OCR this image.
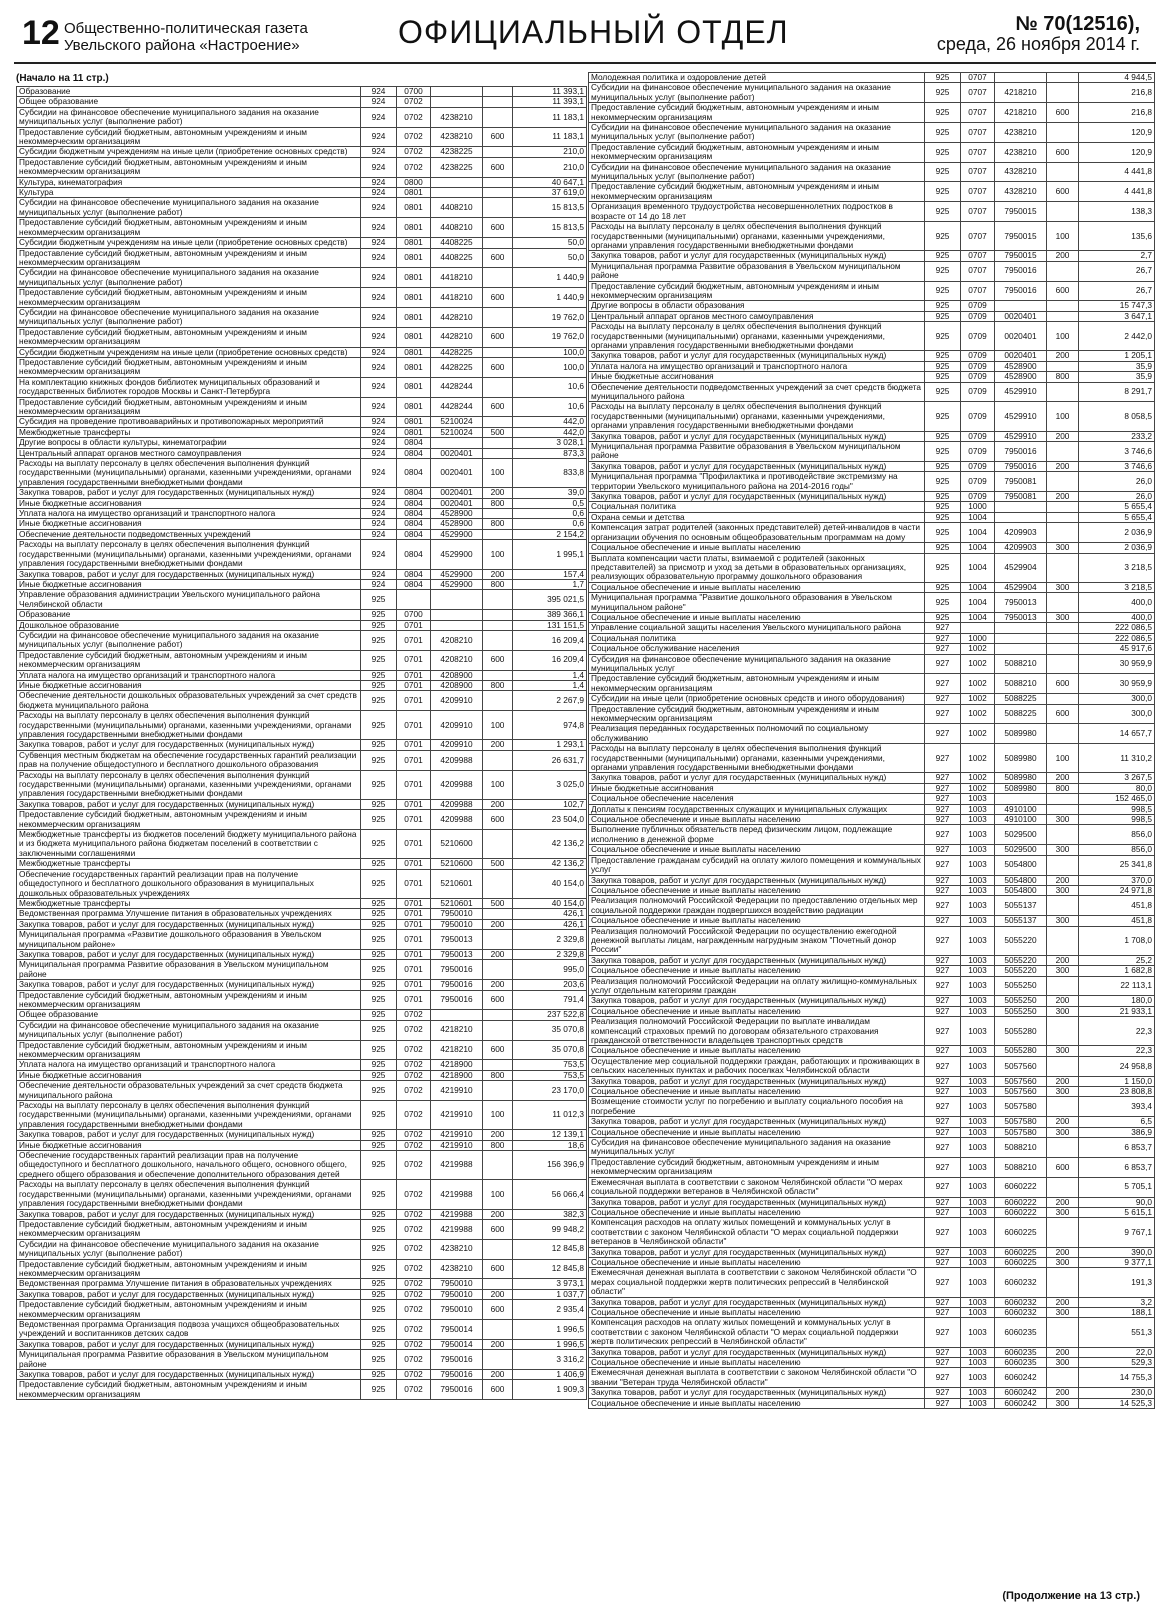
12 Общественно-политическая газета
Увельского района «Настроение»	ОФИЦИАЛЬНЫЙ ОТДЕЛ	№ 70(12516),
среда, 26 ноября 2014 г.
(Начало на 11 стр.)
Образование	924	0700			11 393,1
Общее образование	924	0702			11 393,1
Субсидии на финансовое обеспечение муниципального задания на оказание муниципальных услуг (выполнение работ)	924	0702	4238210		11 183,1
Предоставление субсидий бюджетным, автономным учреждениям и иным некоммерческим организациям	924	0702	4238210	600	11 183,1
Субсидии бюджетным учреждениям на иные цели (приобретение основных средств)	924	0702	4238225		210,0
Предоставление субсидий бюджетным, автономным учреждениям и иным некоммерческим организациям	924	0702	4238225	600	210,0
Культура, кинематография	924	0800			40 647,1
Культура	924	0801			37 619,0
Субсидии на финансовое обеспечение муниципального задания на оказание муниципальных услуг (выполнение работ)	924	0801	4408210		15 813,5
Предоставление субсидий бюджетным, автономным учреждениям и иным некоммерческим организациям	924	0801	4408210	600	15 813,5
Субсидии бюджетным учреждениям на иные цели (приобретение основных средств)	924	0801	4408225		50,0
Предоставление субсидий бюджетным, автономным учреждениям и иным некоммерческим организациям	924	0801	4408225	600	50,0
Субсидии на финансовое обеспечение муниципального задания на оказание муниципальных услуг (выполнение работ)	924	0801	4418210		1 440,9
Предоставление субсидий бюджетным, автономным учреждениям и иным некоммерческим организациям	924	0801	4418210	600	1 440,9
Субсидии на финансовое обеспечение муниципального задания на оказание муниципальных услуг (выполнение работ)	924	0801	4428210		19 762,0
Предоставление субсидий бюджетным, автономным учреждениям и иным некоммерческим организациям	924	0801	4428210	600	19 762,0
Субсидии бюджетным учреждениям на иные цели (приобретение основных средств)	924	0801	4428225		100,0
Предоставление субсидий бюджетным, автономным учреждениям и иным некоммерческим организациям	924	0801	4428225	600	100,0
На комплектацию книжных фондов библиотек муниципальных образований и государственных библиотек городов Москвы и Санкт-Петербурга	924	0801	4428244		10,6
Предоставление субсидий бюджетным, автономным учреждениям и иным некоммерческим организациям	924	0801	4428244	600	10,6
Субсидия на проведение противоаварийных и противопожарных мероприятий	924	0801	5210024		442,0
Межбюджетные трансферты	924	0801	5210024	500	442,0
Другие вопросы в области культуры, кинематографии	924	0804			3 028,1
Центральный аппарат органов местного самоуправления	924	0804	0020401		873,3
Расходы на выплату персоналу в целях обеспечения выполнения функций государственными (муниципальными) органами, казенными учреждениями, органами управления государственными внебюджетными фондами	924	0804	0020401	100	833,8
Закупка товаров, работ и услуг для государственных (муниципальных нужд)	924	0804	0020401	200	39,0
Иные бюджетные ассигнования	924	0804	0020401	800	0,5
Уплата налога на имущество организаций и транспортного налога	924	0804	4528900		0,6
Иные бюджетные ассигнования	924	0804	4528900	800	0,6
Обеспечение деятельности подведомственных учреждений	924	0804	4529900		2 154,2
Расходы на выплату персоналу в целях обеспечения выполнения функций государственными (муниципальными) органами, казенными учреждениями, органами управления государственными внебюджетными фондами	924	0804	4529900	100	1 995,1
Закупка товаров, работ и услуг для государственных (муниципальных нужд)	924	0804	4529900	200	157,4
Иные бюджетные ассигнования	924	0804	4529900	800	1,7
Управление образования администрации Увельского муниципального района Челябинской области	925				395 021,5
Образование	925	0700			389 366,1
Дошкольное образование	925	0701			131 151,5
Субсидии на финансовое обеспечение муниципального задания на оказание муниципальных услуг (выполнение работ)	925	0701	4208210		16 209,4
Предоставление субсидий бюджетным, автономным учреждениям и иным некоммерческим организациям	925	0701	4208210	600	16 209,4
Уплата налога на имущество организаций и транспортного налога	925	0701	4208900		1,4
Иные бюджетные ассигнования	925	0701	4208900	800	1,4
Обеспечение деятельности дошкольных образовательных учреждений за счет средств бюджета муниципального района	925	0701	4209910		2 267,9
Расходы на выплату персоналу в целях обеспечения выполнения функций государственными (муниципальными) органами, казенными учреждениями, органами управления государственными внебюджетными фондами	925	0701	4209910	100	974,8
Закупка товаров, работ и услуг для государственных (муниципальных нужд)	925	0701	4209910	200	1 293,1
Субвенция местным бюджетам на обеспечение государственных гарантий реализации прав на получение общедоступного и бесплатного дошкольного образования	925	0701	4209988		26 631,7
Расходы на выплату персоналу в целях обеспечения выполнения функций государственными (муниципальными) органами, казенными учреждениями, органами управления государственными внебюджетными фондами	925	0701	4209988	100	3 025,0
Закупка товаров, работ и услуг для государственных (муниципальных нужд)	925	0701	4209988	200	102,7
Предоставление субсидий бюджетным, автономным учреждениям и иным некоммерческим организациям	925	0701	4209988	600	23 504,0
Межбюджетные трансферты из бюджетов поселений бюджету муниципального района и из бюджета муниципального района бюджетам поселений в соответствии с заключенными соглашениями	925	0701	5210600		42 136,2
Межбюджетные трансферты	925	0701	5210600	500	42 136,2
Обеспечение государственных гарантий реализации прав на получение общедоступного и бесплатного дошкольного образования в муниципальных дошкольных образовательных учреждениях	925	0701	5210601		40 154,0
Межбюджетные трансферты	925	0701	5210601	500	40 154,0
Ведомственная программа Улучшение питания в образовательных учреждениях	925	0701	7950010		426,1
Закупка товаров, работ и услуг для государственных (муниципальных нужд)	925	0701	7950010	200	426,1
Муниципальная программа «Развитие дошкольного образования в Увельском муниципальном районе»	925	0701	7950013		2 329,8
Закупка товаров, работ и услуг для государственных (муниципальных нужд)	925	0701	7950013	200	2 329,8
Муниципальная программа Развитие образования в Увельском муниципальном районе	925	0701	7950016		995,0
Закупка товаров, работ и услуг для государственных (муниципальных нужд)	925	0701	7950016	200	203,6
Предоставление субсидий бюджетным, автономным учреждениям и иным некоммерческим организациям	925	0701	7950016	600	791,4
Общее образование	925	0702			237 522,8
Субсидии на финансовое обеспечение муниципального задания на оказание муниципальных услуг (выполнение работ)	925	0702	4218210		35 070,8
Предоставление субсидий бюджетным, автономным учреждениям и иным некоммерческим организациям	925	0702	4218210	600	35 070,8
Уплата налога на имущество организаций и транспортного налога	925	0702	4218900		753,5
Иные бюджетные ассигнования	925	0702	4218900	800	753,5
Обеспечение деятельности образовательных учреждений за счет средств бюджета муниципального района	925	0702	4219910		23 170,0
Расходы на выплату персоналу в целях обеспечения выполнения функций государственными (муниципальными) органами, казенными учреждениями, органами управления государственными внебюджетными фондами	925	0702	4219910	100	11 012,3
Закупка товаров, работ и услуг для государственных (муниципальных нужд)	925	0702	4219910	200	12 139,1
Иные бюджетные ассигнования	925	0702	4219910	800	18,6
Обеспечение государственных гарантий реализации прав на получение общедоступного и бесплатного дошкольного, начального общего, основного общего, среднего общего образования и обеспечение дополнительного образования детей	925	0702	4219988		156 396,9
Расходы на выплату персоналу в целях обеспечения выполнения функций государственными (муниципальными) органами, казенными учреждениями, органами управления государственными внебюджетными фондами	925	0702	4219988	100	56 066,4
Закупка товаров, работ и услуг для государственных (муниципальных нужд)	925	0702	4219988	200	382,3
Предоставление субсидий бюджетным, автономным учреждениям и иным некоммерческим организациям	925	0702	4219988	600	99 948,2
Субсидии на финансовое обеспечение муниципального задания на оказание муниципальных услуг (выполнение работ)	925	0702	4238210		12 845,8
Предоставление субсидий бюджетным, автономным учреждениям и иным некоммерческим организациям	925	0702	4238210	600	12 845,8
Ведомственная программа Улучшение питания в образовательных учреждениях	925	0702	7950010		3 973,1
Закупка товаров, работ и услуг для государственных (муниципальных нужд)	925	0702	7950010	200	1 037,7
Предоставление субсидий бюджетным, автономным учреждениям и иным некоммерческим организациям	925	0702	7950010	600	2 935,4
Ведомственная программа Организация подвоза учащихся общеобразовательных учреждений и воспитанников детских садов	925	0702	7950014		1 996,5
Закупка товаров, работ и услуг для государственных (муниципальных нужд)	925	0702	7950014	200	1 996,5
Муниципальная программа Развитие образования в Увельском муниципальном районе	925	0702	7950016		3 316,2
Закупка товаров, работ и услуг для государственных (муниципальных нужд)	925	0702	7950016	200	1 406,9
Предоставление субсидий бюджетным, автономным учреждениям и иным некоммерческим организациям	925	0702	7950016	600	1 909,3
Молодежная политика и оздоровление детей	925	0707			4 944,5
Субсидии на финансовое обеспечение муниципального задания на оказание муниципальных услуг (выполнение работ)	925	0707	4218210		216,8
Предоставление субсидий бюджетным, автономным учреждениям и иным некоммерческим организациям	925	0707	4218210	600	216,8
Субсидии на финансовое обеспечение муниципального задания на оказание муниципальных услуг (выполнение работ)	925	0707	4238210		120,9
Предоставление субсидий бюджетным, автономным учреждениям и иным некоммерческим организациям	925	0707	4238210	600	120,9
Субсидии на финансовое обеспечение муниципального задания на оказание муниципальных услуг (выполнение работ)	925	0707	4328210		4 441,8
Предоставление субсидий бюджетным, автономным учреждениям и иным некоммерческим организациям	925	0707	4328210	600	4 441,8
Организация временного трудоустройства несовершеннолетних подростков в возрасте от 14 до 18 лет	925	0707	7950015		138,3
Расходы на выплату персоналу в целях обеспечения выполнения функций государственными (муниципальными) органами, казенными учреждениями, органами управления государственными внебюджетными фондами	925	0707	7950015	100	135,6
Закупка товаров, работ и услуг для государственных (муниципальных нужд)	925	0707	7950015	200	2,7
Муниципальная программа Развитие образования в Увельском муниципальном районе	925	0707	7950016		26,7
Предоставление субсидий бюджетным, автономным учреждениям и иным некоммерческим организациям	925	0707	7950016	600	26,7
Другие вопросы в области образования	925	0709			15 747,3
Центральный аппарат органов местного самоуправления	925	0709	0020401		3 647,1
Расходы на выплату персоналу в целях обеспечения выполнения функций государственными (муниципальными) органами, казенными учреждениями, органами управления государственными внебюджетными фондами	925	0709	0020401	100	2 442,0
Закупка товаров, работ и услуг для государственных (муниципальных нужд)	925	0709	0020401	200	1 205,1
Уплата налога на имущество организаций и транспортного налога	925	0709	4528900		35,9
Иные бюджетные ассигнования	925	0709	4528900	800	35,9
Обеспечение деятельности подведомственных учреждений за счет средств бюджета муниципального района	925	0709	4529910		8 291,7
Расходы на выплату персоналу в целях обеспечения выполнения функций государственными (муниципальными) органами, казенными учреждениями, органами управления государственными внебюджетными фондами	925	0709	4529910	100	8 058,5
Закупка товаров, работ и услуг для государственных (муниципальных нужд)	925	0709	4529910	200	233,2
Муниципальная программа Развитие образования в Увельском муниципальном районе	925	0709	7950016		3 746,6
Закупка товаров, работ и услуг для государственных (муниципальных нужд)	925	0709	7950016	200	3 746,6
Муниципальная программа "Профилактика и противодействие экстремизму на территории Увельского муниципального района на 2014-2016 годы"	925	0709	7950081		26,0
Закупка товаров, работ и услуг для государственных (муниципальных нужд)	925	0709	7950081	200	26,0
Социальная политика	925	1000			5 655,4
Охрана семьи и детства	925	1004			5 655,4
Компенсация затрат родителей (законных представителей) детей-инвалидов в части организации обучения по основным общеобразовательным программам на дому	925	1004	4209903		2 036,9
Социальное обеспечение и иные выплаты населению	925	1004	4209903	300	2 036,9
Выплата компенсации части платы, взимаемой с родителей (законных представителей) за присмотр и уход за детьми в образовательных организациях, реализующих образовательную программу дошкольного образования	925	1004	4529904		3 218,5
Социальное обеспечение и иные выплаты населению	925	1004	4529904	300	3 218,5
Муниципальная программа "Развитие дошкольного образования в Увельском муниципальном районе"	925	1004	7950013		400,0
Социальное обеспечение и иные выплаты населению	925	1004	7950013	300	400,0
Управление социальной защиты населения Увельского муниципального района	927				222 086,5
Социальная политика	927	1000			222 086,5
Социальное обслуживание населения	927	1002			45 917,6
Субсидия на финансовое обеспечение муниципального задания на оказание муниципальных услуг	927	1002	5088210		30 959,9
Предоставление субсидий бюджетным, автономным учреждениям и иным некоммерческим организациям	927	1002	5088210	600	30 959,9
Субсидии на иные цели (приобретение основных средств и иного оборудования)	927	1002	5088225		300,0
Предоставление субсидий бюджетным, автономным учреждениям и иным некоммерческим организациям	927	1002	5088225	600	300,0
Реализация переданных государственных полномочий по социальному обслуживанию	927	1002	5089980		14 657,7
Расходы на выплату персоналу в целях обеспечения выполнения функций государственными (муниципальными) органами, казенными учреждениями, органами управления государственными внебюджетными фондами	927	1002	5089980	100	11 310,2
Закупка товаров, работ и услуг для государственных (муниципальных нужд)	927	1002	5089980	200	3 267,5
Иные бюджетные ассигнования	927	1002	5089980	800	80,0
Социальное обеспечение населения	927	1003			152 465,0
Доплаты к пенсиям государственных служащих и муниципальных служащих	927	1003	4910100		998,5
Социальное обеспечение и иные выплаты населению	927	1003	4910100	300	998,5
Выполнение публичных обязательств перед физическим лицом, подлежащие исполнению в денежной форме	927	1003	5029500		856,0
Социальное обеспечение и иные выплаты населению	927	1003	5029500	300	856,0
Предоставление гражданам субсидий на оплату жилого помещения и коммунальных услуг	927	1003	5054800		25 341,8
Закупка товаров, работ и услуг для государственных (муниципальных нужд)	927	1003	5054800	200	370,0
Социальное обеспечение и иные выплаты населению	927	1003	5054800	300	24 971,8
Реализация полномочий Российской Федерации по предоставлению отдельных мер социальной поддержки граждан подвергшихся воздействию радиации	927	1003	5055137		451,8
Социальное обеспечение и иные выплаты населению	927	1003	5055137	300	451,8
Реализация полномочий Российской Федерации по осуществлению ежегодной денежной выплаты лицам, награжденным нагрудным знаком "Почетный донор России"	927	1003	5055220		1 708,0
Закупка товаров, работ и услуг для государственных (муниципальных нужд)	927	1003	5055220	200	25,2
Социальное обеспечение и иные выплаты населению	927	1003	5055220	300	1 682,8
Реализация полномочий Российской Федерации на оплату жилищно-коммунальных услуг отдельным категориям граждан	927	1003	5055250		22 113,1
Закупка товаров, работ и услуг для государственных (муниципальных нужд)	927	1003	5055250	200	180,0
Социальное обеспечение и иные выплаты населению	927	1003	5055250	300	21 933,1
Реализация полномочий Российской Федерации по выплате инвалидам компенсаций страховых премий по договорам обязательного страхования гражданской ответственности владельцев транспортных средств	927	1003	5055280		22,3
Социальное обеспечение и иные выплаты населению	927	1003	5055280	300	22,3
Осуществление мер социальной поддержки граждан, работающих и проживающих в сельских населенных пунктах и рабочих поселках Челябинской области	927	1003	5057560		24 958,8
Закупка товаров, работ и услуг для государственных (муниципальных нужд)	927	1003	5057560	200	1 150,0
Социальное обеспечение и иные выплаты населению	927	1003	5057560	300	23 808,8
Возмещение стоимости услуг по погребению и выплату социального пособия на погребение	927	1003	5057580		393,4
Закупка товаров, работ и услуг для государственных (муниципальных нужд)	927	1003	5057580	200	6,5
Социальное обеспечение и иные выплаты населению	927	1003	5057580	300	386,9
Субсидия на финансовое обеспечение муниципального задания на оказание муниципальных услуг	927	1003	5088210		6 853,7
Предоставление субсидий бюджетным, автономным учреждениям и иным некоммерческим организациям	927	1003	5088210	600	6 853,7
Ежемесячная выплата в соответствии с законом Челябинской области "О мерах социальной поддержки ветеранов в Челябинской области"	927	1003	6060222		5 705,1
Закупка товаров, работ и услуг для государственных (муниципальных нужд)	927	1003	6060222	200	90,0
Социальное обеспечение и иные выплаты населению	927	1003	6060222	300	5 615,1
Компенсация расходов на оплату жилых помещений и коммунальных услуг в соответствии с законом Челябинской области "О мерах социальной поддержки ветеранов в Челябинской области"	927	1003	6060225		9 767,1
Закупка товаров, работ и услуг для государственных (муниципальных нужд)	927	1003	6060225	200	390,0
Социальное обеспечение и иные выплаты населению	927	1003	6060225	300	9 377,1
Ежемесячная денежная выплата в соответствии с законом Челябинской области "О мерах социальной поддержки жертв политических репрессий в Челябинской области"	927	1003	6060232		191,3
Закупка товаров, работ и услуг для государственных (муниципальных нужд)	927	1003	6060232	200	3,2
Социальное обеспечение и иные выплаты населению	927	1003	6060232	300	188,1
Компенсация расходов на оплату жилых помещений и коммунальных услуг в соответствии с законом Челябинской области "О мерах социальной поддержки жертв политических репрессий в Челябинской области"	927	1003	6060235		551,3
Закупка товаров, работ и услуг для государственных (муниципальных нужд)	927	1003	6060235	200	22,0
Социальное обеспечение и иные выплаты населению	927	1003	6060235	300	529,3
Ежемесячная денежная выплата в соответствии с законом Челябинской области "О звании "Ветеран труда Челябинской области"	927	1003	6060242		14 755,3
Закупка товаров, работ и услуг для государственных (муниципальных нужд)	927	1003	6060242	200	230,0
Социальное обеспечение и иные выплаты населению	927	1003	6060242	300	14 525,3
(Продолжение на 13 стр.)
